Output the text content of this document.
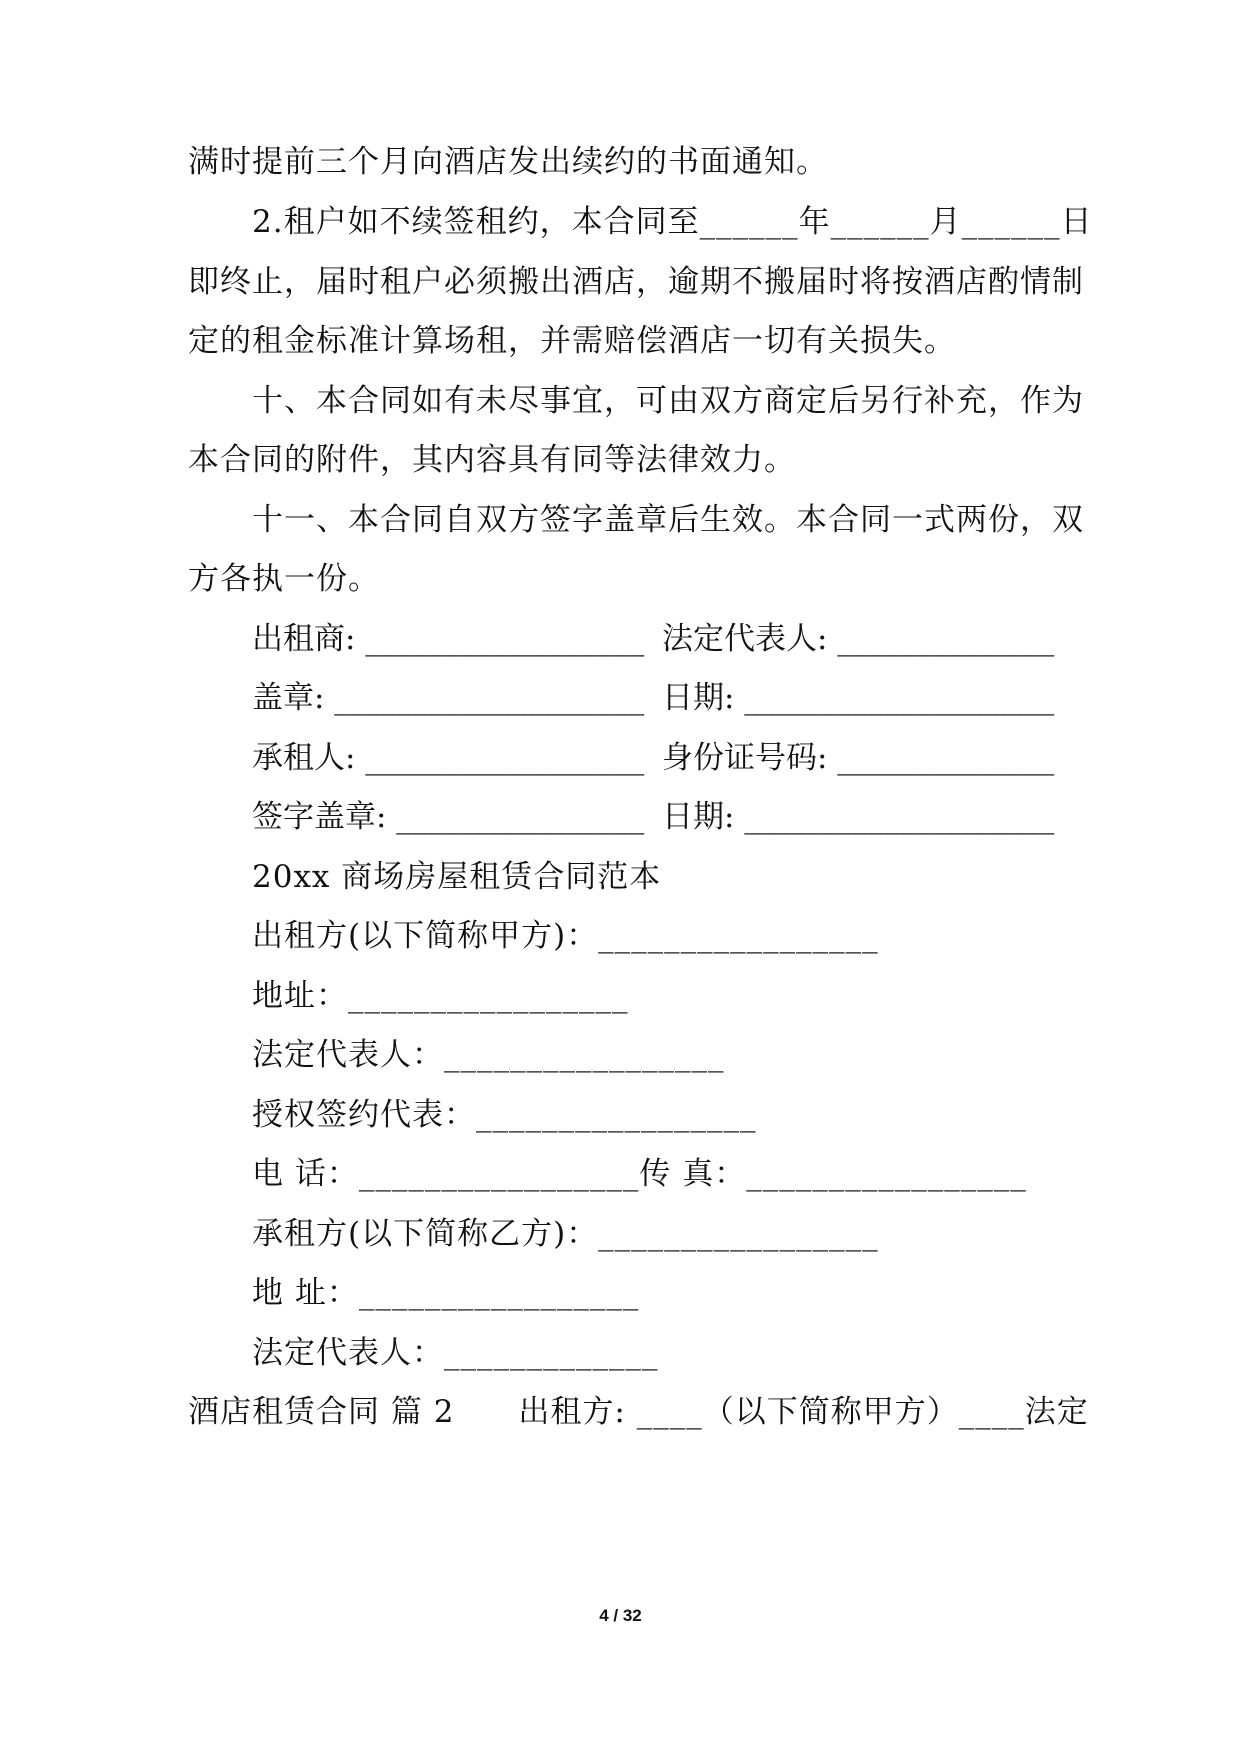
满时提前三个月向酒店发出续约的书面通知。
2.租户如不续签租约，本合同至______年______月______日
即终止，届时租户必须搬出酒店，逾期不搬届时将按酒店酌情制
定的租金标准计算场租，并需赔偿酒店一切有关损失。
十、本合同如有未尽事宜，可由双方商定后另行补充，作为
本合同的附件，其内容具有同等法律效力。
十一、本合同自双方签字盖章后生效。本合同一式两份，双
方各执一份。
出租商: __________________ 法定代表人: ______________
盖章: ____________________ 日期: ____________________
承租人: __________________ 身份证号码: ______________
签字盖章: ________________ 日期: ____________________
20xx 商场房屋租赁合同范本
出租方(以下简称甲方)：_________________
地址：_________________
法定代表人：_________________
授权签约代表：_________________
电 话：_________________传 真：_________________
承租方(以下简称乙方)：_________________
地 址：_________________
法定代表人：_____________
酒店租赁合同 篇 2　　出租方: ____（以下简称甲方）____法定
4 / 32
